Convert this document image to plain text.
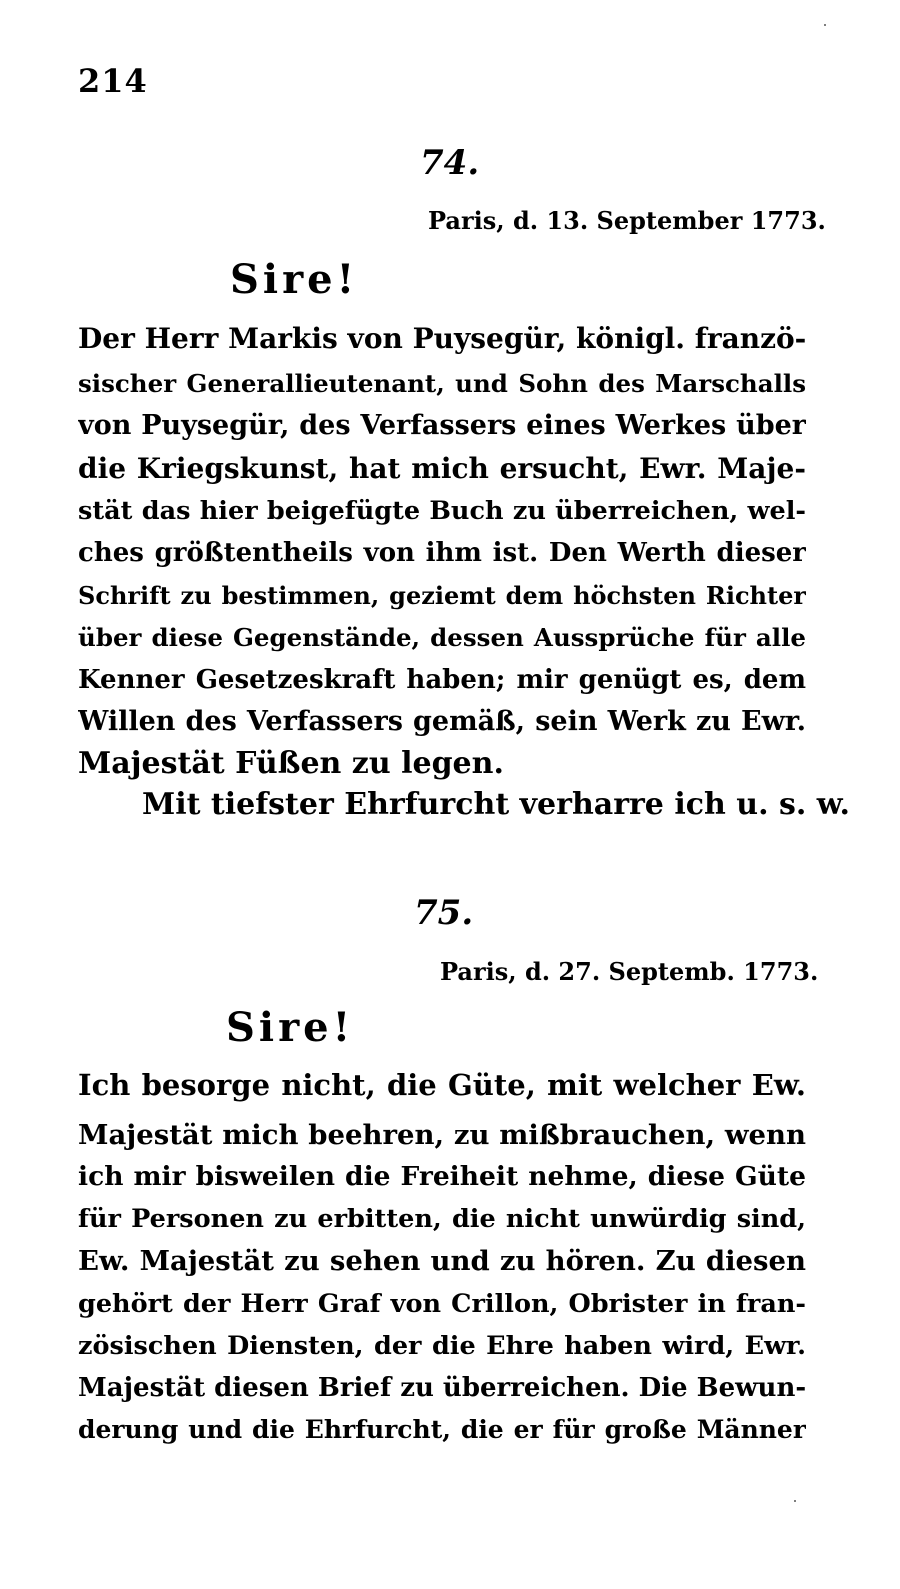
214
74.
Paris, d. 13. September 1773.
Sire!
Der Herr Markis von Puysegür, königl. franzö-
sischer Generallieutenant, und Sohn des Marschalls
von Puysegür, des Verfassers eines Werkes über
die Kriegskunst, hat mich ersucht, Ewr. Maje-
stät das hier beigefügte Buch zu überreichen, wel-
ches größtentheils von ihm ist. Den Werth dieser
Schrift zu bestimmen, geziemt dem höchsten Richter
über diese Gegenstände, dessen Aussprüche für alle
Kenner Gesetzeskraft haben; mir genügt es, dem
Willen des Verfassers gemäß, sein Werk zu Ewr.
Majestät Füßen zu legen.
Mit tiefster Ehrfurcht verharre ich u. s. w.
75.
Paris, d. 27. Septemb. 1773.
Sire!
Ich besorge nicht, die Güte, mit welcher Ew.
Majestät mich beehren, zu mißbrauchen, wenn
ich mir bisweilen die Freiheit nehme, diese Güte
für Personen zu erbitten, die nicht unwürdig sind,
Ew. Majestät zu sehen und zu hören. Zu diesen
gehört der Herr Graf von Crillon, Obrister in fran-
zösischen Diensten, der die Ehre haben wird, Ewr.
Majestät diesen Brief zu überreichen. Die Bewun-
derung und die Ehrfurcht, die er für große Männer
